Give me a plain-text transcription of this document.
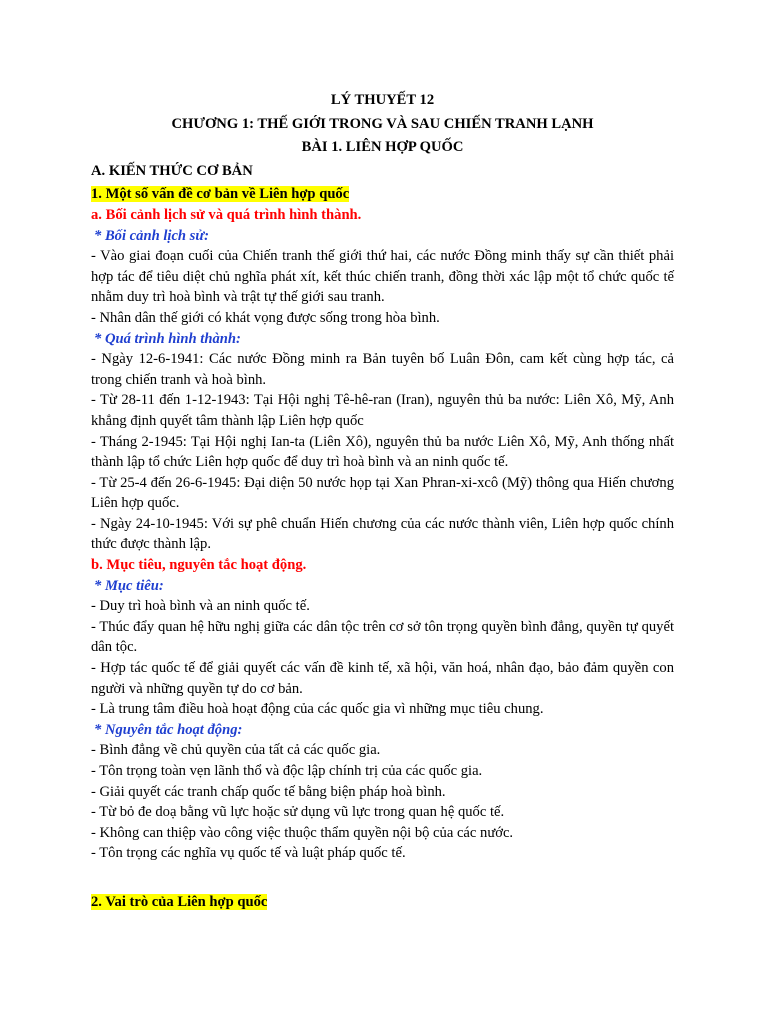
LÝ THUYẾT 12
CHƯƠNG 1: THẾ GIỚI TRONG VÀ SAU CHIẾN TRANH LẠNH
BÀI 1. LIÊN HỢP QUỐC
A. KIẾN THỨC CƠ BẢN
1. Một số vấn đề cơ bản về Liên hợp quốc
a. Bối cảnh lịch sử và quá trình hình thành.
* Bối cảnh lịch sử:
- Vào giai đoạn cuối của Chiến tranh thế giới thứ hai, các nước Đồng minh thấy sự cần thiết phải hợp tác để tiêu diệt chủ nghĩa phát xít, kết thúc chiến tranh, đồng thời xác lập một tổ chức quốc tế nhằm duy trì hoà bình và trật tự thế giới sau tranh.
- Nhân dân thế giới có khát vọng được sống trong hòa bình.
* Quá trình hình thành:
- Ngày 12-6-1941: Các nước Đồng minh ra Bản tuyên bố Luân Đôn, cam kết cùng hợp tác, cả trong chiến tranh và hoà bình.
- Từ 28-11 đến 1-12-1943: Tại Hội nghị Tê-hê-ran (Iran), nguyên thủ ba nước: Liên Xô, Mỹ, Anh khẳng định quyết tâm thành lập Liên hợp quốc
- Tháng 2-1945: Tại Hội nghị Ian-ta (Liên Xô), nguyên thủ ba nước Liên Xô, Mỹ, Anh thống nhất thành lập tổ chức Liên hợp quốc để duy trì hoà bình và an ninh quốc tế.
- Từ 25-4 đến 26-6-1945: Đại diện 50 nước họp tại Xan Phran-xi-xcô (Mỹ) thông qua Hiến chương Liên hợp quốc.
- Ngày 24-10-1945: Với sự phê chuẩn Hiến chương của các nước thành viên, Liên hợp quốc chính thức được thành lập.
b. Mục tiêu, nguyên tắc hoạt động.
* Mục tiêu:
- Duy trì hoà bình và an ninh quốc tế.
- Thúc đẩy quan hệ hữu nghị giữa các dân tộc trên cơ sở tôn trọng quyền bình đẳng, quyền tự quyết dân tộc.
- Hợp tác quốc tế để giải quyết các vấn đề kinh tế, xã hội, văn hoá, nhân đạo, bảo đảm quyền con người và những quyền tự do cơ bản.
- Là trung tâm điều hoà hoạt động của các quốc gia vì những mục tiêu chung.
* Nguyên tắc hoạt động:
- Bình đẳng về chủ quyền của tất cả các quốc gia.
- Tôn trọng toàn vẹn lãnh thổ và độc lập chính trị của các quốc gia.
- Giải quyết các tranh chấp quốc tế bằng biện pháp hoà bình.
- Từ bỏ đe doạ bằng vũ lực hoặc sử dụng vũ lực trong quan hệ quốc tế.
- Không can thiệp vào công việc thuộc thẩm quyền nội bộ của các nước.
- Tôn trọng các nghĩa vụ quốc tế và luật pháp quốc tế.
2. Vai trò của Liên hợp quốc
